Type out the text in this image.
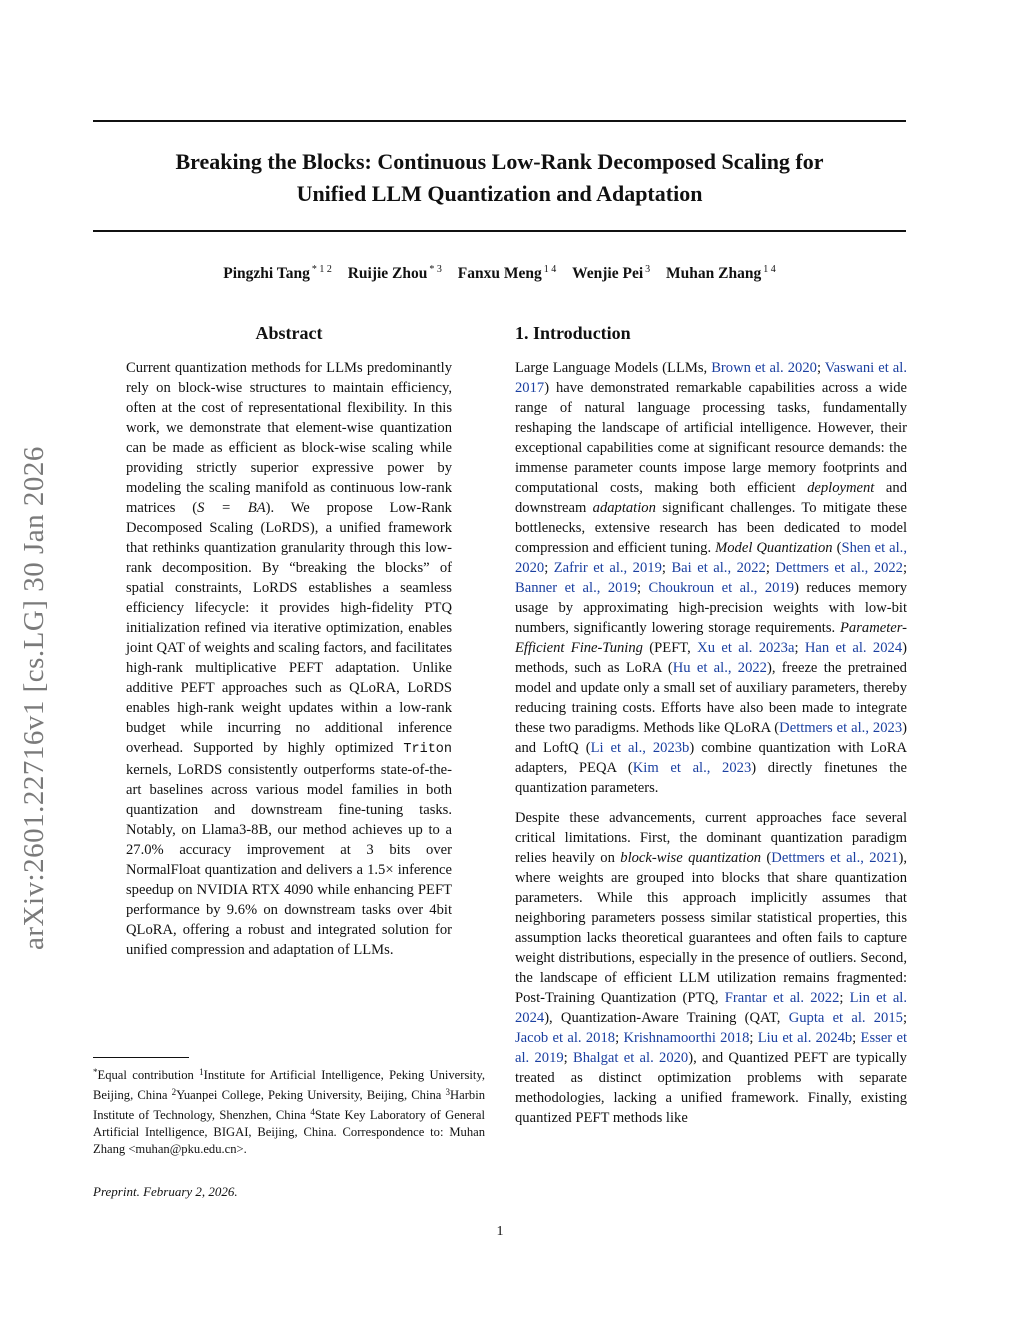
Breaking the Blocks: Continuous Low-Rank Decomposed Scaling for
Unified LLM Quantization and Adaptation
Pingzhi Tang $^{* 1 2}$ Ruijie Zhou $^{* 3}$ Fanxu Meng $^{1 4}$ Wenjie Pei $^3$ Muhan Zhang $^{1 4}$
arXiv:2601.22716v1 [cs.LG] 30 Jan 2026
Abstract

Current quantization methods for LLMs predominantly rely on block-wise structures to maintain efficiency, often at the cost of representational flexibility. In this work, we demonstrate that element-wise quantization can be made as efficient as block-wise scaling while providing strictly superior expressive power by modeling the scaling manifold as continuous low-rank matrices (S = BA). We propose Low-Rank Decomposed Scaling (LoRDS), a unified framework that rethinks quantization granularity through this low-rank decomposition. By “breaking the blocks” of spatial constraints, LoRDS establishes a seamless efficiency lifecycle: it provides high-fidelity PTQ initialization refined via iterative optimization, enables joint QAT of weights and scaling factors, and facilitates high-rank multiplicative PEFT adaptation. Unlike additive PEFT approaches such as QLoRA, LoRDS enables high-rank weight updates within a low-rank budget while incurring no additional inference overhead. Supported by highly optimized Triton kernels, LoRDS consistently outperforms state-of-the-art baselines across various model families in both quantization and downstream fine-tuning tasks. Notably, on Llama3-8B, our method achieves up to a 27.0% accuracy improvement at 3 bits over NormalFloat quantization and delivers a 1.5× inference speedup on NVIDIA RTX 4090 while enhancing PEFT performance by 9.6% on downstream tasks over 4bit QLoRA, offering a robust and integrated solution for unified compression and adaptation of LLMs.

1. Introduction

Large Language Models (LLMs, Brown et al. 2020; Vaswani et al. 2017) have demonstrated remarkable capabilities across a wide range of natural language processing tasks, fundamentally reshaping the landscape of artificial intelligence. However, their exceptional capabilities come at significant resource demands: the immense parameter counts impose large memory footprints and computational costs, making both efficient deployment and downstream adaptation significant challenges. To mitigate these bottlenecks, extensive research has been dedicated to model compression and efficient tuning. Model Quantization (Shen et al., 2020; Zafrir et al., 2019; Bai et al., 2022; Dettmers et al., 2022; Banner et al., 2019; Choukroun et al., 2019) reduces memory usage by approximating high-precision weights with low-bit numbers, significantly lowering storage requirements. Parameter-Efficient Fine-Tuning (PEFT, Xu et al. 2023a; Han et al. 2024) methods, such as LoRA (Hu et al., 2022), freeze the pretrained model and update only a small set of auxiliary parameters, thereby reducing training costs. Efforts have also been made to integrate these two paradigms. Methods like QLoRA (Dettmers et al., 2023) and LoftQ (Li et al., 2023b) combine quantization with LoRA adapters, PEQA (Kim et al., 2023) directly finetunes the quantization parameters.

Despite these advancements, current approaches face several critical limitations. First, the dominant quantization paradigm relies heavily on block-wise quantization (Dettmers et al., 2021), where weights are grouped into blocks that share quantization parameters. While this approach implicitly assumes that neighboring parameters possess similar statistical properties, this assumption lacks theoretical guarantees and often fails to capture weight distributions, especially in the presence of outliers. Second, the landscape of efficient LLM utilization remains fragmented: Post-Training Quantization (PTQ, Frantar et al. 2022; Lin et al. 2024), Quantization-Aware Training (QAT, Gupta et al. 2015; Jacob et al. 2018; Krishnamoorthi 2018; Liu et al. 2024b; Esser et al. 2019; Bhalgat et al. 2020), and Quantized PEFT are typically treated as distinct optimization problems with separate methodologies, lacking a unified framework. Finally, existing quantized PEFT methods like

*Equal contribution $^1$Institute for Artificial Intelligence, Peking University, Beijing, China $^2$Yuanpei College, Peking University, Beijing, China $^3$Harbin Institute of Technology, Shenzhen, China $^4$State Key Laboratory of General Artificial Intelligence, BIGAI, Beijing, China. Correspondence to: Muhan Zhang <muhan@pku.edu.cn>.
Preprint. February 2, 2026.
1
